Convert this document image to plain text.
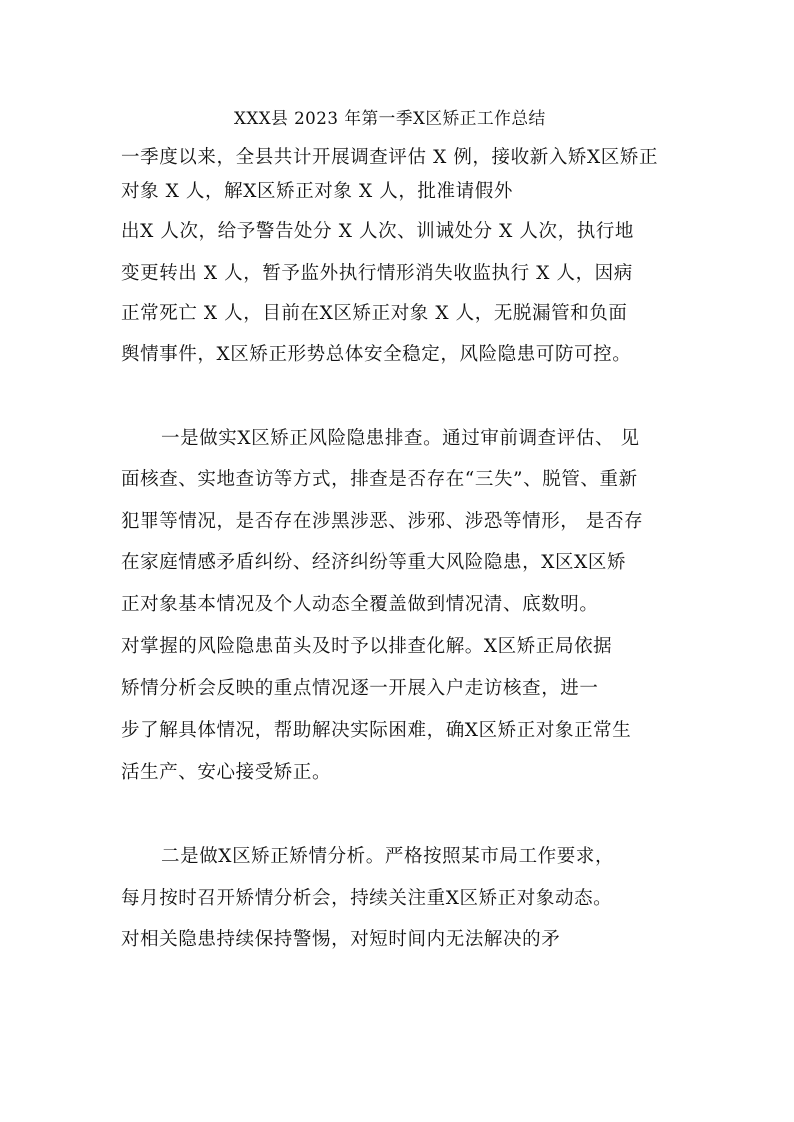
XXX县 2023 年第一季X区矫正工作总结
一季度以来，全县共计开展调查评估 X 例，接收新入矫X区矫正
对象 X 人，解X区矫正对象 X 人，批准请假外
出X 人次，给予警告处分 X 人次、训诫处分 X 人次，执行地
变更转出 X 人，暂予监外执行情形消失收监执行 X 人，因病
正常死亡 X 人，目前在X区矫正对象 X 人，无脱漏管和负面
舆情事件，X区矫正形势总体安全稳定，风险隐患可防可控。
一是做实X区矫正风险隐患排查。通过审前调查评估、 见
面核查、实地查访等方式，排查是否存在“三失”、脱管、重新
犯罪等情况，是否存在涉黑涉恶、涉邪、涉恐等情形， 是否存
在家庭情感矛盾纠纷、经济纠纷等重大风险隐患，X区X区矫
正对象基本情况及个人动态全覆盖做到情况清、底数明。
对掌握的风险隐患苗头及时予以排查化解。X区矫正局依据
矫情分析会反映的重点情况逐一开展入户走访核查，进一
步了解具体情况，帮助解决实际困难，确X区矫正对象正常生
活生产、安心接受矫正。
二是做X区矫正矫情分析。严格按照某市局工作要求，
每月按时召开矫情分析会，持续关注重X区矫正对象动态。
对相关隐患持续保持警惕，对短时间内无法解决的矛
